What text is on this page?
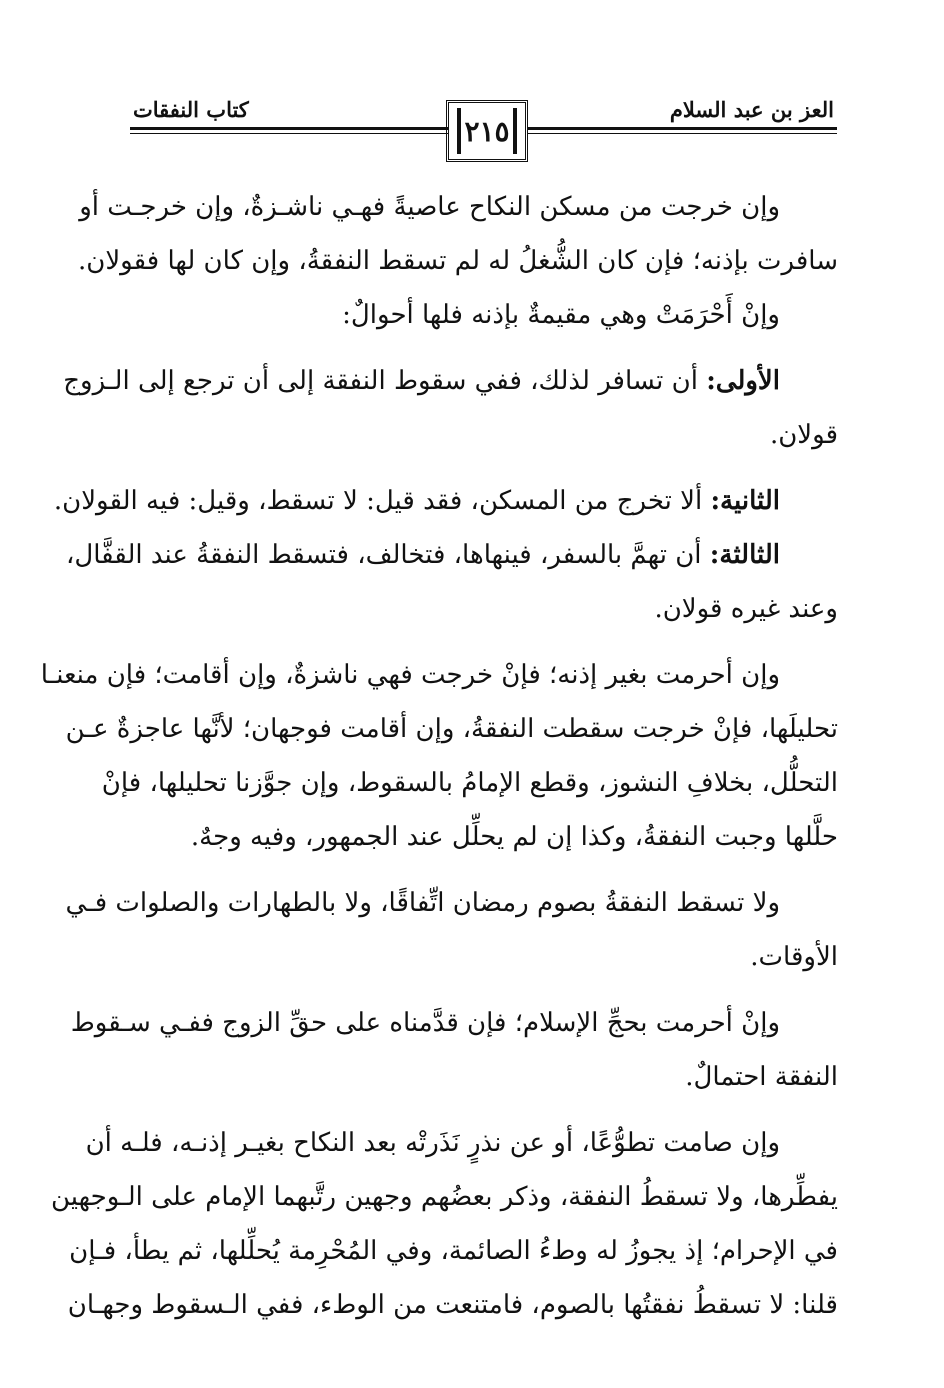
العز بن عبد السلام
كتاب النفقات
٢١٥
وإن خرجت من مسكن النكاح عاصيةً فهـي ناشـزةٌ، وإن خرجـت أو
سافرت بإذنه؛ فإن كان الشُّغلُ له لم تسقط النفقةُ، وإن كان لها فقولان.
وإنْ أَحْرَمَتْ وهي مقيمةٌ بإذنه فلها أحوالٌ:
الأولى: أن تسافر لذلك، ففي سقوط النفقة إلى أن ترجع إلى الـزوج
قولان.
الثانية: ألا تخرج من المسكن، فقد قيل: لا تسقط، وقيل: فيه القولان.
الثالثة: أن تهمَّ بالسفر، فينهاها، فتخالف، فتسقط النفقةُ عند القفَّال،
وعند غيره قولان.
وإن أحرمت بغير إذنه؛ فإنْ خرجت فهي ناشزةٌ، وإن أقامت؛ فإن منعنـا
تحليلَها، فإنْ خرجت سقطت النفقةُ، وإن أقامت فوجهان؛ لأنَّها عاجزةٌ عـن
التحلُّل، بخلافِ النشوز، وقطع الإمامُ بالسقوط، وإن جوَّزنا تحليلها، فإنْ
حلَّلها وجبت النفقةُ، وكذا إن لم يحلِّل عند الجمهور، وفيه وجهٌ.
ولا تسقط النفقةُ بصوم رمضان اتِّفاقًا، ولا بالطهارات والصلوات فـي
الأوقات.
وإنْ أحرمت بحجِّ الإسلام؛ فإن قدَّمناه على حقِّ الزوج ففـي سـقوط
النفقة احتمالٌ.
وإن صامت تطوُّعًا، أو عن نذرٍ نَذَرتْه بعد النكاح بغيـر إذنـه، فلـه أن
يفطِّرها، ولا تسقطُ النفقة، وذكر بعضُهم وجهين رتَّبهما الإمام على الـوجهين
في الإحرام؛ إذ يجوزُ له وطءُ الصائمة، وفي المُحْرِمة يُحلِّلها، ثم يطأ، فـإن
قلنا: لا تسقطُ نفقتُها بالصوم، فامتنعت من الوطء، ففي الـسقوط وجهـان
